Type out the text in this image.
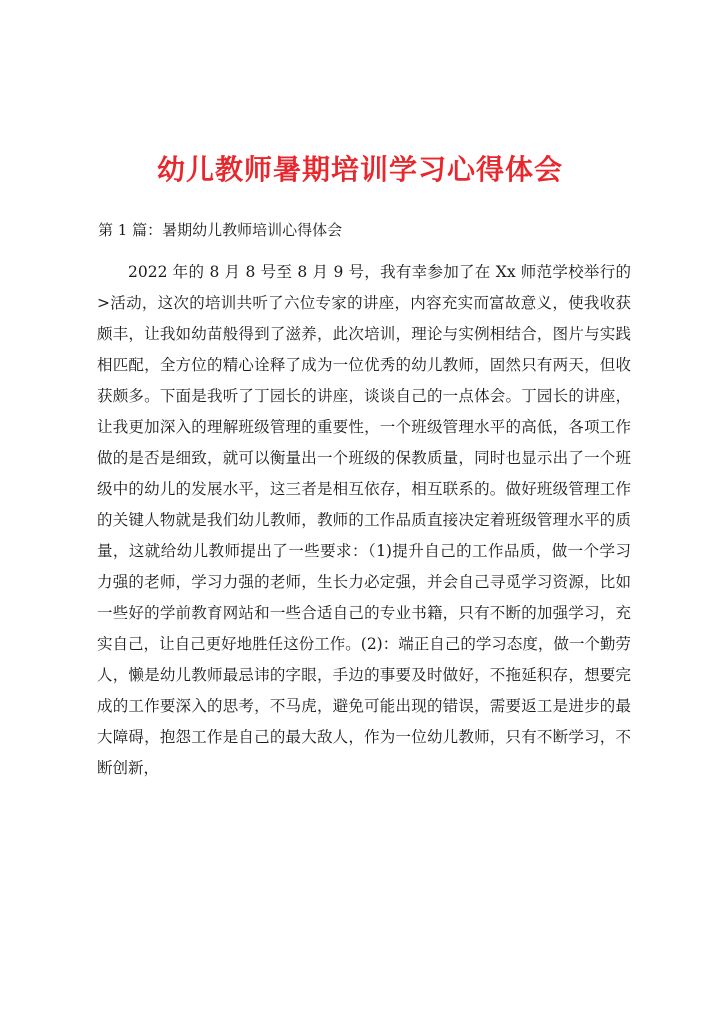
幼儿教师暑期培训学习心得体会

第 1 篇：暑期幼儿教师培训心得体会

2022 年的 8 月 8 号至 8 月 9 号，我有幸参加了在 Xx 师范学校举行的>活动，这次的培训共听了六位专家的讲座，内容充实而富故意义，使我收获颇丰，让我如幼苗般得到了滋养，此次培训，理论与实例相结合，图片与实践相匹配，全方位的精心诠释了成为一位优秀的幼儿教师，固然只有两天，但收获颇多。下面是我听了丁园长的讲座，谈谈自己的一点体会。丁园长的讲座，让我更加深入的理解班级管理的重要性，一个班级管理水平的高低，各项工作做的是否是细致，就可以衡量出一个班级的保教质量，同时也显示出了一个班级中的幼儿的发展水平，这三者是相互依存，相互联系的。做好班级管理工作的关键人物就是我们幼儿教师，教师的工作品质直接决定着班级管理水平的质量，这就给幼儿教师提出了一些要求：（1)提升自己的工作品质，做一个学习力强的老师，学习力强的老师，生长力必定强，并会自己寻觅学习资源，比如一些好的学前教育网站和一些合适自己的专业书籍，只有不断的加强学习，充实自己，让自己更好地胜任这份工作。(2)：端正自己的学习态度，做一个勤劳人，懒是幼儿教师最忌讳的字眼，手边的事要及时做好，不拖延积存，想要完成的工作要深入的思考，不马虎，避免可能出现的错误，需要返工是进步的最大障碍，抱怨工作是自己的最大敌人，作为一位幼儿教师，只有不断学习，不断创新，
